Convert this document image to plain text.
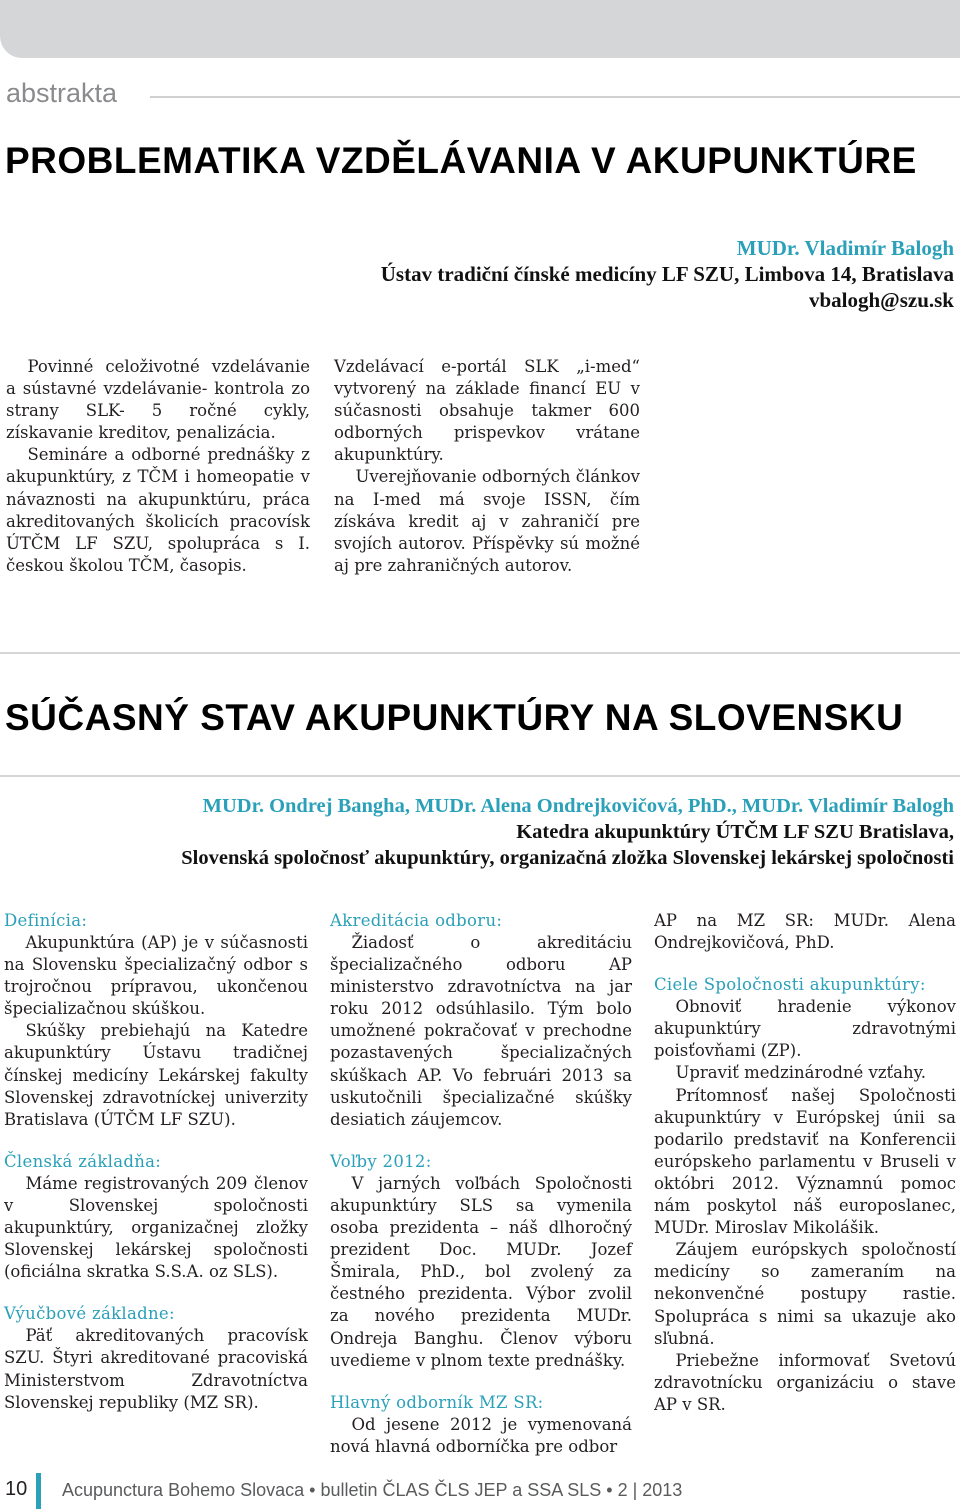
abstrakta
PROBLEMATIKA VZDĚLÁVANIA V AKUPUNKTÚRE
MUDr. Vladimír Balogh
Ústav tradiční čínské medicíny LF SZU, Limbova 14, Bratislava
vbalogh@szu.sk

Povinné celoživotné vzdelávanie a sústavné vzdelávanie- kontrola zo strany SLK- 5 ročné cykly, získavanie kreditov, penalizácia.

Semináre a odborné prednášky z akupunktúry, z TČM i homeopatie v návaznosti na akupunktúru, práca akreditovaných školicích pracovísk ÚTČM LF SZU, spolupráca s I. českou školou TČM, časopis.

Vzdelávací e-portál SLK „i-med“ vytvorený na základe financí EU v súčasnosti obsahuje takmer 600 odborných prispevkov vrátane akupunktúry.

Uverejňovanie odborných článkov na I-med má svoje ISSN, čím získáva kredit aj v zahraničí pre svojích autorov. Příspěvky sú možné aj pre zahraničných autorov.

SÚČASNÝ STAV AKUPUNKTÚRY NA SLOVENSKU
MUDr. Ondrej Bangha, MUDr. Alena Ondrejkovičová, PhD., MUDr. Vladimír Balogh
Katedra akupunktúry ÚTČM LF SZU Bratislava,
Slovenská spoločnosť akupunktúry, organizačná zložka Slovenskej lekárskej spoločnosti
Definícia:

Akupunktúra (AP) je v súčasnosti na Slovensku špecializačný odbor s trojročnou prípravou, ukončenou špecializačnou skúškou.

Skúšky prebiehajú na Katedre akupunktúry Ústavu tradičnej čínskej medicíny Lekárskej fakulty Slovenskej zdravotníckej univerzity Bratislava (ÚTČM LF SZU).

Členská základňa:

Máme registrovaných 209 členov v Slovenskej spoločnosti akupunktúry, organizačnej zložky Slovenskej lekárskej spoločnosti (oficiálna skratka S.S.A. oz SLS).

Výučbové základne:

Päť akreditovaných pracovísk SZU. Štyri akreditované pracoviská Ministerstvom Zdravotníctva Slovenskej republiky (MZ SR).

Akreditácia odboru:

Žiadosť o akreditáciu špecializačného odboru AP ministerstvo zdravotníctva na jar roku 2012 odsúhlasilo. Tým bolo umožnené pokračovať v prechodne pozastavených špecializačných skúškach AP. Vo februári 2013 sa uskutočnili špecializačné skúšky desiatich záujemcov.

Voľby 2012:

V jarných voľbách Spoločnosti akupunktúry SLS sa vymenila osoba prezidenta – náš dlhoročný prezident Doc. MUDr. Jozef Šmirala, PhD., bol zvolený za čestného prezidenta. Výbor zvolil za nového prezidenta MUDr. Ondreja Banghu. Členov výboru uvedieme v plnom texte prednášky.

Hlavný odborník MZ SR:

Od jesene 2012 je vymenovaná nová hlavná odborníčka pre odbor

AP na MZ SR: MUDr. Alena Ondrejkovičová, PhD.

Ciele Spoločnosti akupunktúry:

Obnoviť hradenie výkonov akupunktúry zdravotnými poisťovňami (ZP).

Upraviť medzinárodné vzťahy.

Prítomnosť našej Spoločnosti akupunktúry v Európskej únii sa podarilo predstaviť na Konferencii európskeho parlamentu v Bruseli v októbri 2012. Významnú pomoc nám poskytol náš europoslanec, MUDr. Miroslav Mikolášik.

Záujem európskych spoločností medicíny so zameraním na nekonvenčné postupy rastie. Spolupráca s nimi sa ukazuje ako sľubná.

Priebežne informovať Svetovú zdravotnícku organizáciu o stave AP v SR.

10 Acupunctura Bohemo Slovaca • bulletin ČLAS ČLS JEP a SSA SLS • 2 | 2013
